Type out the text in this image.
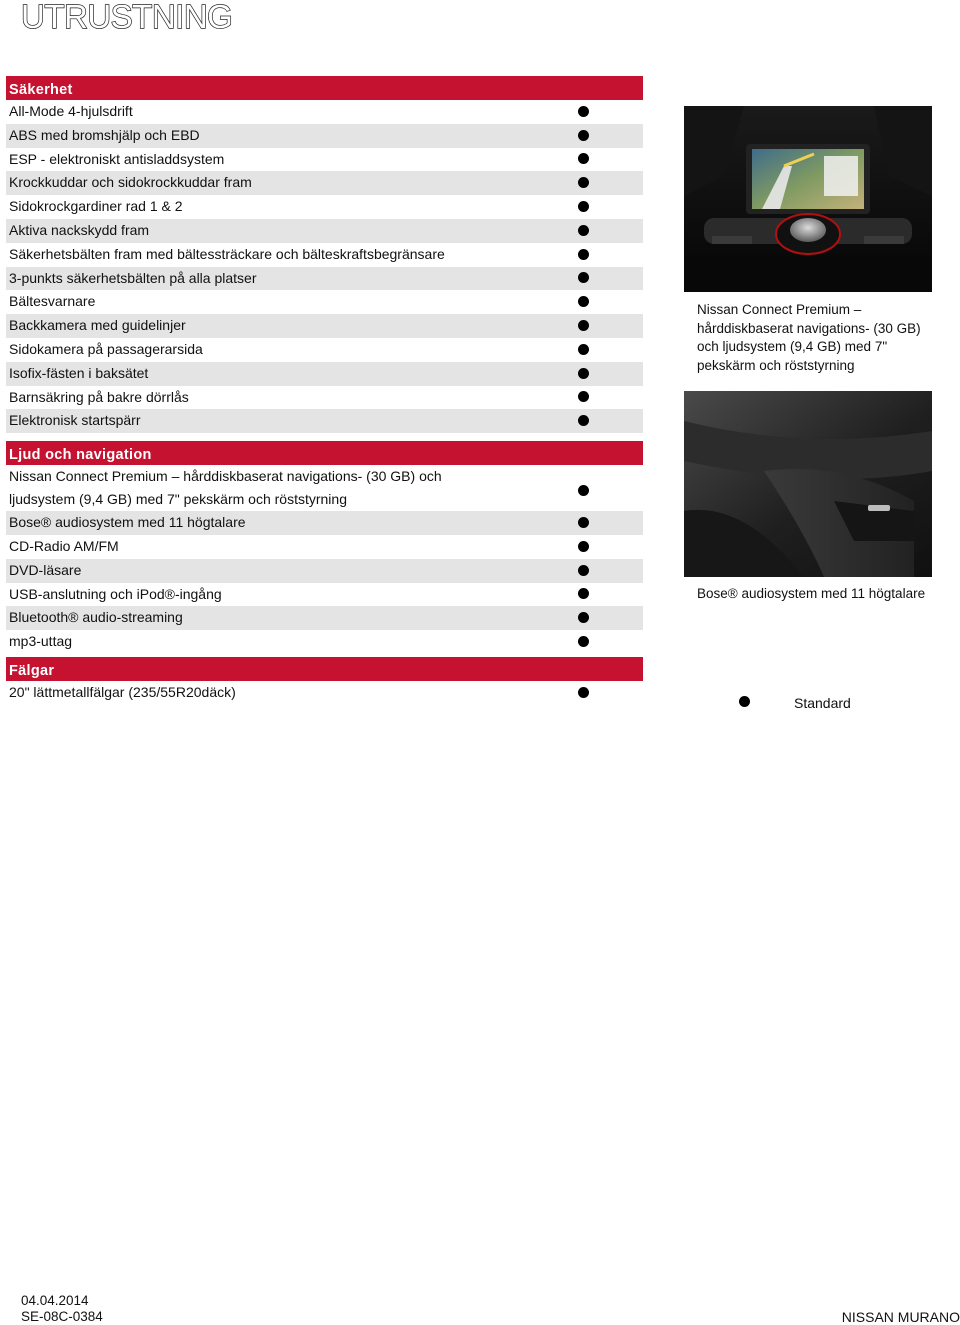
UTRUSTNING
Säkerhet
All-Mode 4-hjulsdrift
ABS med bromshjälp och EBD
ESP - elektroniskt antisladdsystem
Krockkuddar och sidokrockkuddar fram
Sidokrockgardiner rad 1 & 2
Aktiva nackskydd fram
Säkerhetsbälten fram med bältessträckare och bälteskraftsbegränsare
3-punkts säkerhetsbälten på alla platser
Bältesvarnare
Backkamera med guidelinjer
Sidokamera på passagerarsida
Isofix-fästen i baksätet
Barnsäkring på bakre dörrlås
Elektronisk startspärr
Ljud och navigation
Nissan Connect Premium – hårddiskbaserat navigations- (30 GB) och ljudsystem (9,4 GB) med 7" pekskärm och röststyrning
Bose® audiosystem med 11 högtalare
CD-Radio AM/FM
DVD-läsare
USB-anslutning och iPod®-ingång
Bluetooth® audio-streaming
mp3-uttag
Fälgar
20" lättmetallfälgar (235/55R20däck)
Nissan Connect Premium – hårddiskbaserat navigations- (30 GB) och ljudsystem (9,4 GB) med 7" pekskärm och röststyrning
Bose® audiosystem med 11 högtalare
Standard
04.04.2014
SE-08C-0384	NISSAN MURANO
